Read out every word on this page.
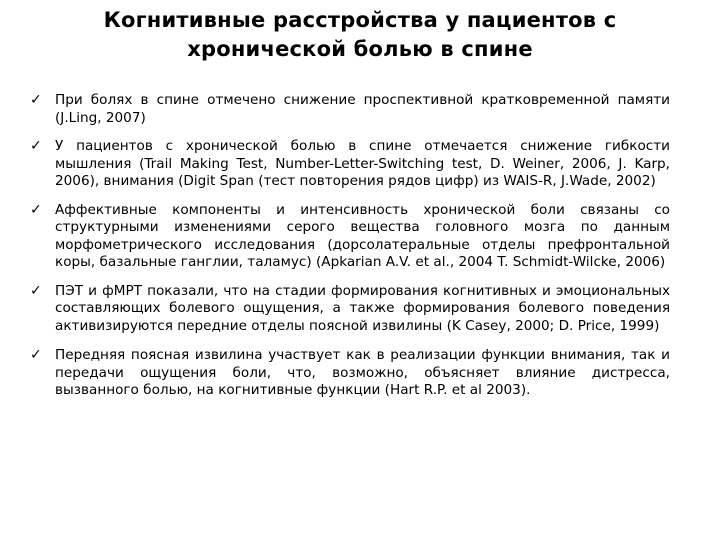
Когнитивные расстройства у пациентов с
хронической болью в спине
✓ При болях в спине отмечено снижение проспективной кратковременной памяти (J.Ling, 2007)
✓ У пациентов с хронической болью в спине отмечается снижение гибкости мышления (Trail Making Test, Number-Letter-Switching test, D. Weiner, 2006, J. Karp, 2006), внимания (Digit Span (тест повторения рядов цифр) из WAIS-R, J.Wade, 2002)
✓ Аффективные компоненты и интенсивность хронической боли связаны со структурными изменениями серого вещества головного мозга по данным морфометрического исследования (дорсолатеральные отделы префронтальной коры, базальные ганглии, таламус) (Apkarian A.V. et al., 2004 T. Schmidt-Wilcke, 2006)
✓ ПЭТ и фМРТ показали, что на стадии формирования когнитивных и эмоциональных составляющих болевого ощущения, а также формирования болевого поведения активизируются передние отделы поясной извилины (K Casey, 2000; D. Price, 1999)
✓ Передняя поясная извилина участвует как в реализации функции внимания, так и передачи ощущения боли, что, возможно, объясняет влияние дистресса, вызванного болью, на когнитивные функции (Hart R.P. et al 2003).
